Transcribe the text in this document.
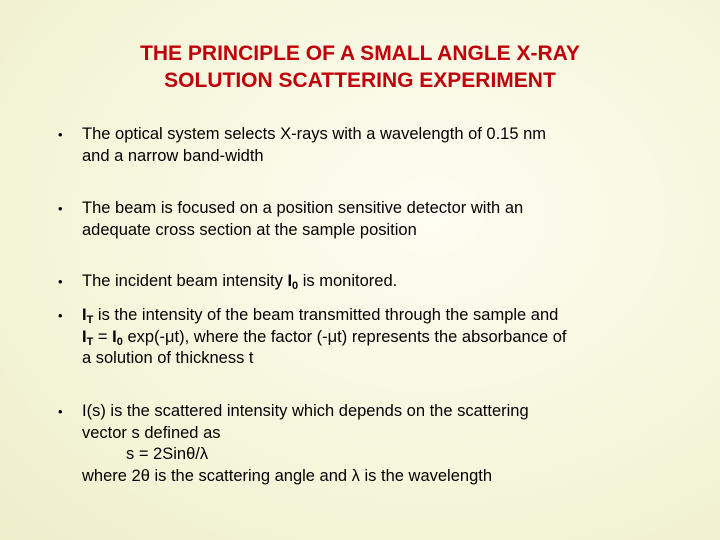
THE PRINCIPLE OF A SMALL ANGLE X-RAY
SOLUTION SCATTERING EXPERIMENT
• The optical system selects X-rays with a wavelength of 0.15 nm
and a narrow band-width
• The beam is focused on a position sensitive detector with an
adequate cross section at the sample position
• The incident beam intensity $I_0$ is monitored.
• $I_T$ is the intensity of the beam transmitted through the sample and
$I_T = I_0$ exp(-μt), where the factor (-μt) represents the absorbance of
a solution of thickness t
• I(s) is the scattered intensity which depends on the scattering
vector s defined as
s = 2Sinθ/λ
where 2θ is the scattering angle and λ is the wavelength
